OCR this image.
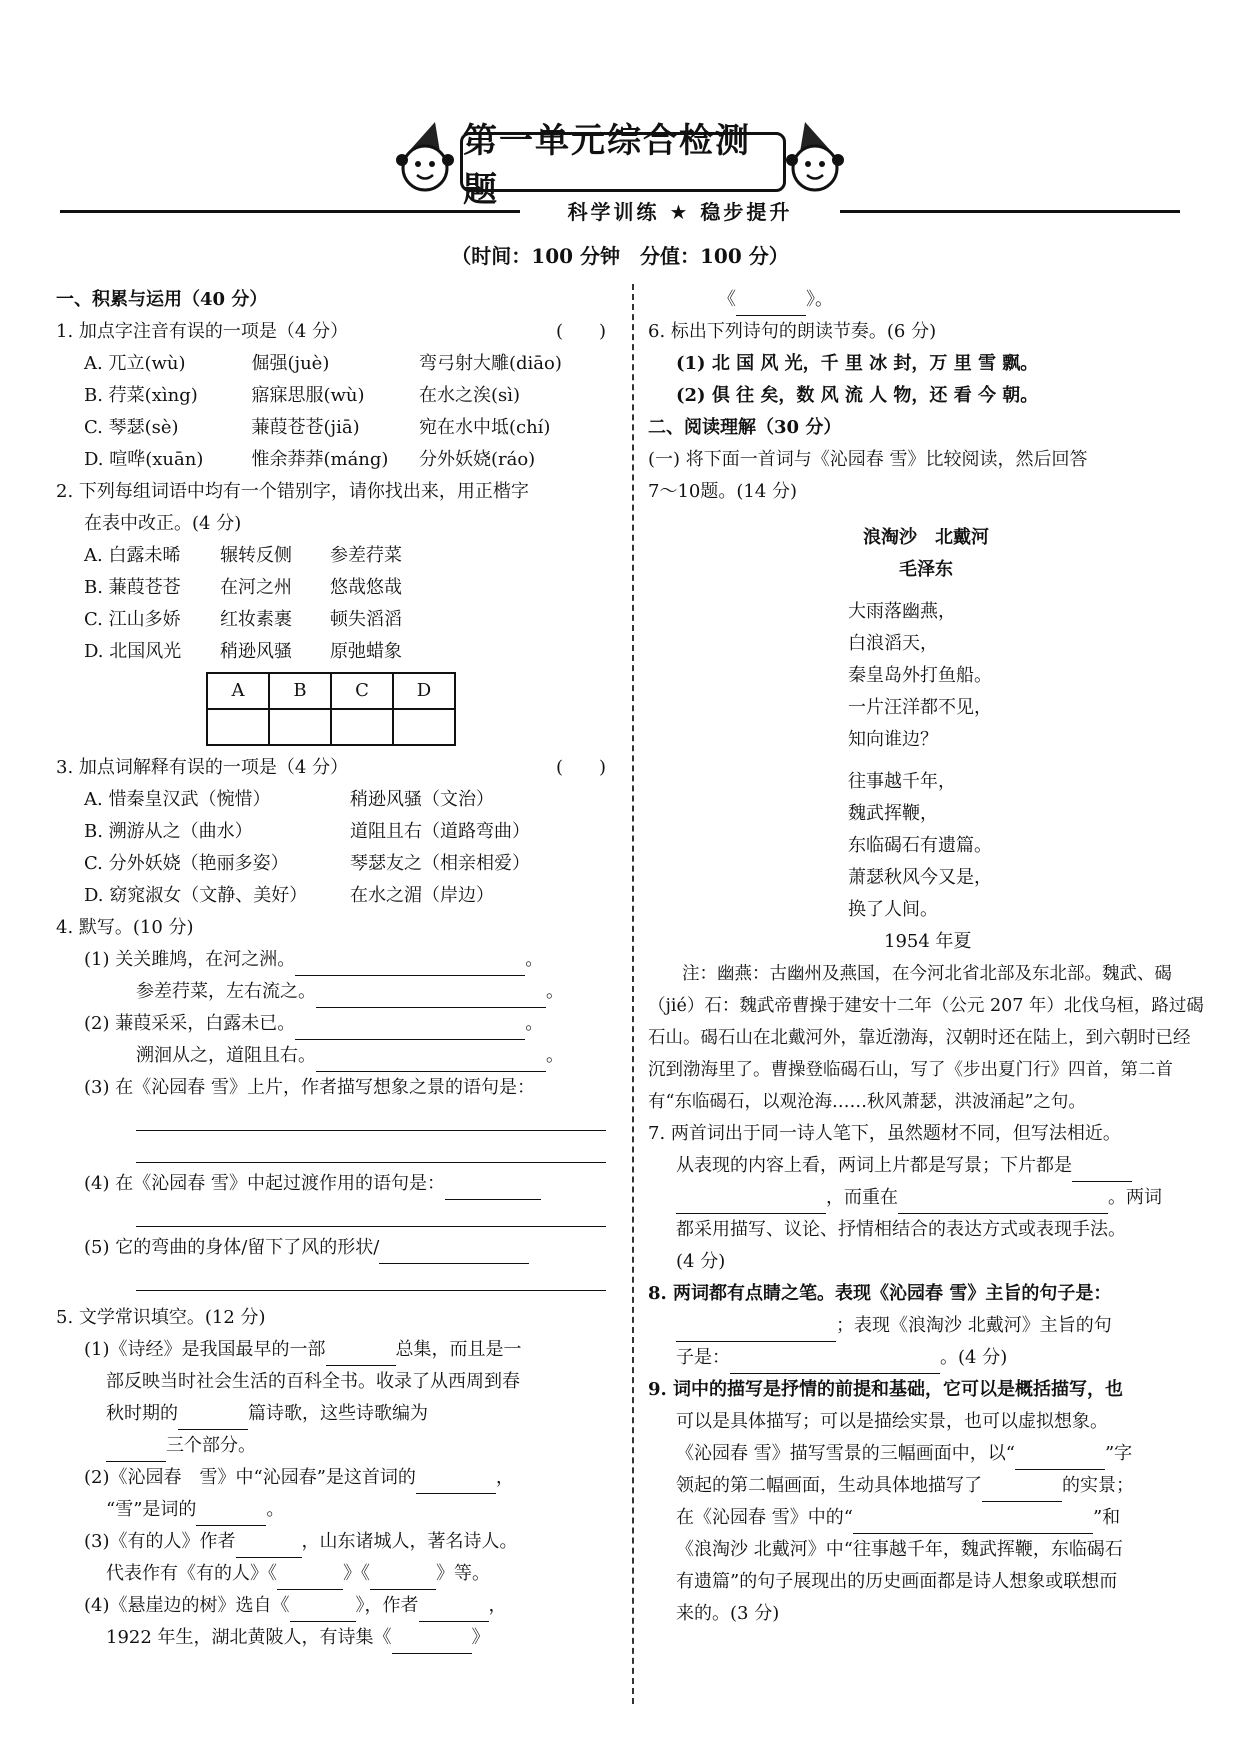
第一单元综合检测题
科学训练 ★ 稳步提升
（时间：100 分钟　分值：100 分）
一、积累与运用（40 分）
1. 加点字注音有误的一项是（4 分）	(　　)
A. 兀立(wù)	倔强(juè)	弯弓射大雕(diāo)
B. 荇菜(xìng)	寤寐思服(wù)	在水之涘(sì)
C. 琴瑟(sè)	蒹葭苍苍(jiā)	宛在水中坻(chí)
D. 喧哗(xuān)	惟余莽莽(máng)	分外妖娆(ráo)
2. 下列每组词语中均有一个错别字，请你找出来，用正楷字
在表中改正。(4 分)
A. 白露未晞	辗转反侧	参差荇菜
B. 蒹葭苍苍	在河之州	悠哉悠哉
C. 江山多娇	红妆素裹	顿失滔滔
D. 北国风光	稍逊风骚	原弛蜡象
A	B	C	D

3. 加点词解释有误的一项是（4 分）	(　　)
A. 惜秦皇汉武（惋惜）	稍逊风骚（文治）
B. 溯游从之（曲水）	道阻且右（道路弯曲）
C. 分外妖娆（艳丽多姿）	琴瑟友之（相亲相爱）
D. 窈窕淑女（文静、美好）	在水之湄（岸边）
4. 默写。(10 分)
(1) 关关雎鸠，在河之洲。	。
参差荇菜，左右流之。	。
(2) 蒹葭采采，白露未已。	。
溯洄从之，道阻且右。	。
(3) 在《沁园春 雪》上片，作者描写想象之景的语句是：
(4) 在《沁园春 雪》中起过渡作用的语句是：
(5) 它的弯曲的身体/留下了风的形状/
5. 文学常识填空。(12 分)
(1)《诗经》是我国最早的一部	总集，而且是一
部反映当时社会生活的百科全书。收录了从西周到春
秋时期的	篇诗歌，这些诗歌编为
三个部分。
(2)《沁园春　雪》中“沁园春”是这首词的	，
“雪”是词的	。
(3)《有的人》作者	，山东诸城人，著名诗人。
代表作有《有的人》《	》《	》等。
(4)《悬崖边的树》选自《	》，作者	，
1922 年生，湖北黄陂人，有诗集《	》
《	》。
6. 标出下列诗句的朗读节奏。(6 分)
(1) 北 国 风 光，千 里 冰 封，万 里 雪 飘。
(2) 俱 往 矣，数 风 流 人 物，还 看 今 朝。
二、阅读理解（30 分）
(一) 将下面一首词与《沁园春 雪》比较阅读，然后回答
7～10题。(14 分)
浪淘沙　北戴河
毛泽东
大雨落幽燕，
白浪滔天，
秦皇岛外打鱼船。
一片汪洋都不见，
知向谁边？
往事越千年，
魏武挥鞭，
东临碣石有遗篇。
萧瑟秋风今又是，
换了人间。
1954 年夏
注：幽燕：古幽州及燕国，在今河北省北部及东北部。魏武、碣（jié）石：魏武帝曹操于建安十二年（公元 207 年）北伐乌桓，路过碣石山。碣石山在北戴河外，靠近渤海，汉朝时还在陆上，到六朝时已经沉到渤海里了。曹操登临碣石山，写了《步出夏门行》四首，第二首有“东临碣石，以观沧海……秋风萧瑟，洪波涌起”之句。
7. 两首词出于同一诗人笔下，虽然题材不同，但写法相近。
从表现的内容上看，两词上片都是写景；下片都是
，而重在	。两词
都采用描写、议论、抒情相结合的表达方式或表现手法。
(4 分)
8. 两词都有点睛之笔。表现《沁园春 雪》主旨的句子是：
；表现《浪淘沙 北戴河》主旨的句
子是：	。(4 分)
9. 词中的描写是抒情的前提和基础，它可以是概括描写，也
可以是具体描写；可以是描绘实景，也可以虚拟想象。
《沁园春 雪》描写雪景的三幅画面中，以“	”字
领起的第二幅画面，生动具体地描写了	的实景；
在《沁园春 雪》中的“	”和
《浪淘沙 北戴河》中“往事越千年，魏武挥鞭，东临碣石
有遗篇”的句子展现出的历史画面都是诗人想象或联想而
来的。(3 分)
